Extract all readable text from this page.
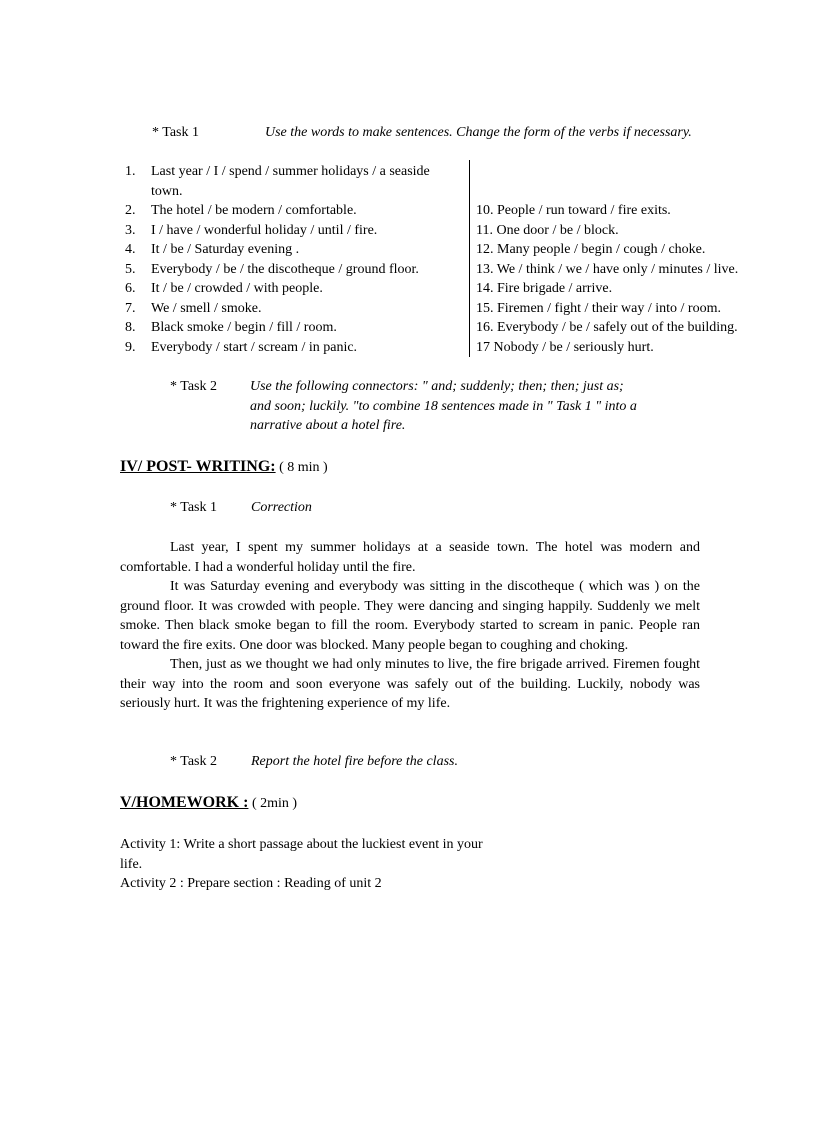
* Task 1	Use the words to make sentences. Change the form of the verbs if necessary.
1.	Last year / I / spend / summer holidays / a seaside town.
2.	The hotel / be modern / comfortable.
3.	I / have / wonderful holiday / until / fire.
4.	It / be / Saturday evening .
5.	Everybody / be / the discotheque / ground floor.
6.	It / be / crowded / with people.
7.	We / smell / smoke.
8.	Black smoke / begin / fill / room.
9.	Everybody / start / scream / in panic.
10. People / run toward / fire exits.
11. One door / be / block.
12. Many people / begin / cough / choke.
13. We / think / we / have only / minutes / live.
14. Fire brigade / arrive.
15. Firemen / fight / their way / into / room.
16. Everybody / be / safely out of the building.
17 Nobody / be / seriously hurt.
* Task 2 Use the following connectors: " and; suddenly; then; then; just as;
and soon; luckily. "to combine 18 sentences made in " Task 1 " into a
narrative about a hotel fire.
IV/ POST- WRITING: ( 8 min )
* Task 1 Correction

Last year, I spent my summer holidays at a seaside town. The hotel was modern and comfortable. I had a wonderful holiday until the fire.

It was Saturday evening and everybody was sitting in the discotheque ( which was ) on the ground floor. It was crowded with people. They were dancing and singing happily. Suddenly we melt smoke. Then black smoke began to fill the room. Everybody started to scream in panic. People ran toward the fire exits. One door was blocked. Many people began to coughing and choking.

Then, just as we thought we had only minutes to live, the fire brigade arrived. Firemen fought their way into the room and soon everyone was safely out of the building. Luckily, nobody was seriously hurt. It was the frightening experience of my life.

* Task 2 Report the hotel fire before the class.
V/HOMEWORK : ( 2min )

Activity 1: Write a short passage about the luckiest event in your life.

Activity 2 : Prepare section : Reading of unit 2
